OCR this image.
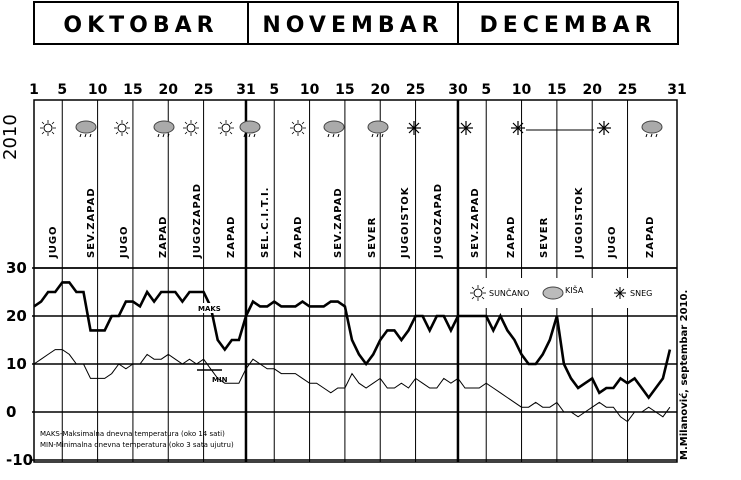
OKTOBAR NOVEMBAR DECEMBAR
2010
1 5 10 15 20 25 31 5 10 15 20 25 30 5 10 15 20 25 31
JUGO	SEV.ZAPAD JUGO	ZAPAD JUGOZAPAD ZAPAD SEL.C.I.T.I. ZAPAD	SEV.ZAPAD SEVER JUGOISTOK JUGOZAPAD	SEV.ZAPAD	ZAPAD SEVER JUGOISTOK JUGO	ZAPAD
30
20
10
0
-10
MAKS
MIN
SUNČANO	KIŠA	SNEG
MAKS-Maksimalna dnevna temperatura (oko 14 sati)
MIN-Minimalna dnevna temperatura (oko 3 sata ujutru)	M.Milanović, septembar 2010.
